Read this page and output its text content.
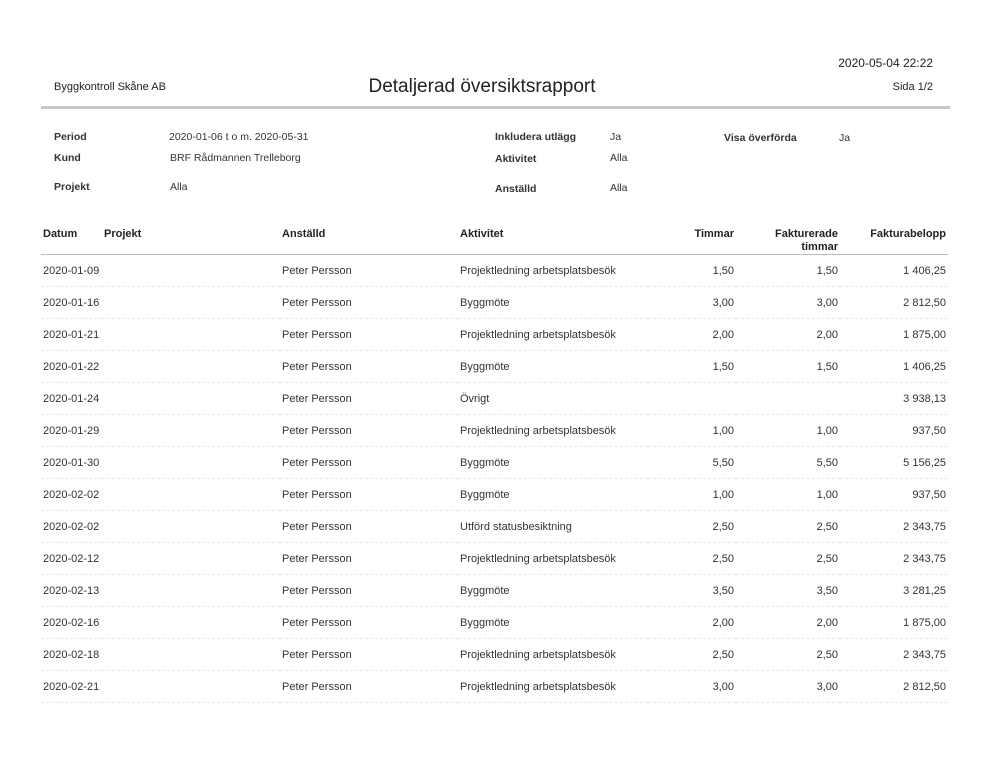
2020-05-04 22:22
Byggkontroll Skåne AB	Detaljerad översiktsrapport	Sida 1/2
Period	2020-01-06 t o m. 2020-05-31
Kund	BRF Rådmannen Trelleborg
Projekt	Alla
Inkludera utlägg	Ja
Aktivitet	Alla
Anställd	Alla
Visa överförda	Ja
Datum	Projekt	Anställd	Aktivitet	Timmar	Fakturerade timmar	Fakturabelopp
2020-01-09		Peter Persson	Projektledning arbetsplatsbesök	1,50	1,50	1 406,25
2020-01-16		Peter Persson	Byggmöte	3,00	3,00	2 812,50
2020-01-21		Peter Persson	Projektledning arbetsplatsbesök	2,00	2,00	1 875,00
2020-01-22		Peter Persson	Byggmöte	1,50	1,50	1 406,25
2020-01-24		Peter Persson	Övrigt			3 938,13
2020-01-29		Peter Persson	Projektledning arbetsplatsbesök	1,00	1,00	937,50
2020-01-30		Peter Persson	Byggmöte	5,50	5,50	5 156,25
2020-02-02		Peter Persson	Byggmöte	1,00	1,00	937,50
2020-02-02		Peter Persson	Utförd statusbesiktning	2,50	2,50	2 343,75
2020-02-12		Peter Persson	Projektledning arbetsplatsbesök	2,50	2,50	2 343,75
2020-02-13		Peter Persson	Byggmöte	3,50	3,50	3 281,25
2020-02-16		Peter Persson	Byggmöte	2,00	2,00	1 875,00
2020-02-18		Peter Persson	Projektledning arbetsplatsbesök	2,50	2,50	2 343,75
2020-02-21		Peter Persson	Projektledning arbetsplatsbesök	3,00	3,00	2 812,50
